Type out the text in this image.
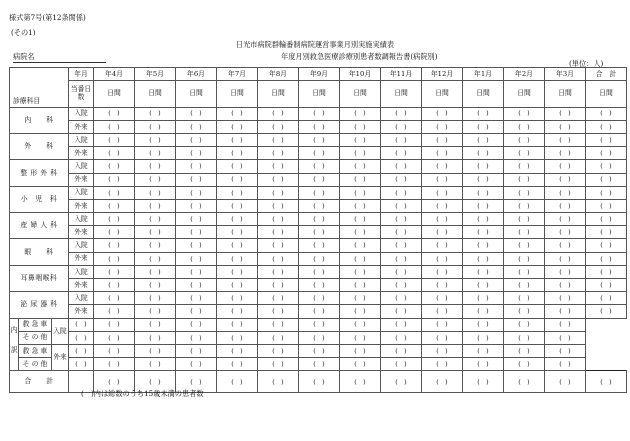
様式第7号(第12条関係)
(その1)
日光市病院群輪番制病院運営事業月別実施実績表
病院名	年度月別救急医療診療別患者数調報告書(病院別)
(単位：人)
診療科目			年月	年4月	年5月	年6月	年7月	年8月	年9月	年10月	年11月	年12月	年1月	年2月	年3月	合　計
			当番日数	日間	日間	日間	日間	日間	日間	日間	日間	日間	日間	日間	日間	日間

内　　科			入院	(　)	(　)	(　)	(　)	(　)	(　)	(　)	(　)	(　)	(　)	(　)	(　)	(　)
			外来	(　)	(　)	(　)	(　)	(　)	(　)	(　)	(　)	(　)	(　)	(　)	(　)	(　)
外　　科			入院	(　)	(　)	(　)	(　)	(　)	(　)	(　)	(　)	(　)	(　)	(　)	(　)	(　)
			外来	(　)	(　)	(　)	(　)	(　)	(　)	(　)	(　)	(　)	(　)	(　)	(　)	(　)
整 形 外 科			入院	(　)	(　)	(　)	(　)	(　)	(　)	(　)	(　)	(　)	(　)	(　)	(　)	(　)
			外来	(　)	(　)	(　)	(　)	(　)	(　)	(　)	(　)	(　)	(　)	(　)	(　)	(　)
小　児　科			入院	(　)	(　)	(　)	(　)	(　)	(　)	(　)	(　)	(　)	(　)	(　)	(　)	(　)
			外来	(　)	(　)	(　)	(　)	(　)	(　)	(　)	(　)	(　)	(　)	(　)	(　)	(　)
産 婦 人 科			入院	(　)	(　)	(　)	(　)	(　)	(　)	(　)	(　)	(　)	(　)	(　)	(　)	(　)
			外来	(　)	(　)	(　)	(　)	(　)	(　)	(　)	(　)	(　)	(　)	(　)	(　)	(　)
眼　　科			入院	(　)	(　)	(　)	(　)	(　)	(　)	(　)	(　)	(　)	(　)	(　)	(　)	(　)
			外来	(　)	(　)	(　)	(　)	(　)	(　)	(　)	(　)	(　)	(　)	(　)	(　)	(　)
耳鼻咽喉科			入院	(　)	(　)	(　)	(　)	(　)	(　)	(　)	(　)	(　)	(　)	(　)	(　)	(　)
			外来	(　)	(　)	(　)	(　)	(　)	(　)	(　)	(　)	(　)	(　)	(　)	(　)	(　)
泌 尿 器 科			入院	(　)	(　)	(　)	(　)	(　)	(　)	(　)	(　)	(　)	(　)	(　)	(　)	(　)
			外来	(　)	(　)	(　)	(　)	(　)	(　)	(　)	(　)	(　)	(　)	(　)	(　)	(　)
内
訳	救 急 車	入院	(　)	(　)	(　)	(　)	(　)	(　)	(　)	(　)	(　)	(　)	(　)	(　)	(　)	
	そ の 他		(　)	(　)	(　)	(　)	(　)	(　)	(　)	(　)	(　)	(　)	(　)	(　)	(　)	
	救 急 車	外来	(　)	(　)	(　)	(　)	(　)	(　)	(　)	(　)	(　)	(　)	(　)	(　)	(　)	
	そ の 他		(　)	(　)	(　)	(　)	(　)	(　)	(　)	(　)	(　)	(　)	(　)	(　)	(　)	
合　　計				(　)	(　)	(　)	(　)	(　)	(　)	(　)	(　)	(　)	(　)	(　)	(　)	(　)
(　)内は総数のうち15歳未満の患者数
